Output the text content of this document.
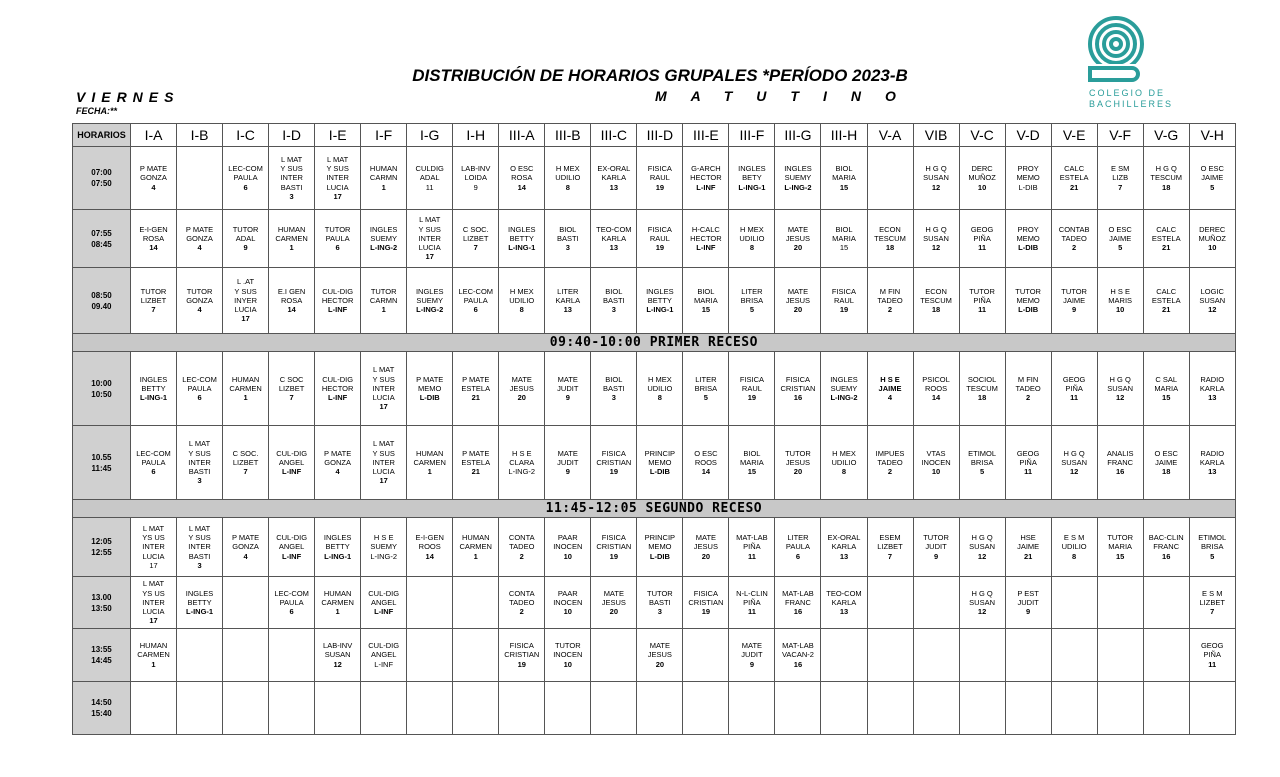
DISTRIBUCIÓN DE HORARIOS GRUPALES *PERÍODO 2023-B
VIERNES	MATUTINO
FECHA:**
COLEGIO DE
BACHILLERES
HORARIOS	I-A	I-B	I-C	I-D	I-E	I-F	I-G	I-H	III-A	III-B	III-C	III-D	III-E	III-F	III-G	III-H	V-A	VIB	V-C	V-D	V-E	V-F	V-G	V-H

07:00
07:50	P MATE
GONZA
4		LEC-COM
PAULA
6	L MAT
Y SUS
INTER
BASTI
3	L MAT
Y SUS
INTER
LUCIA
17	HUMAN
CARMN
1	CULDIG
ADAL
11	LAB-INV
LOIDA
9	O ESC
ROSA
14	H MEX
UDILIO
8	EX-ORAL
KARLA
13	FISICA
RAUL
19	G-ARCH
HECTOR
L-INF	INGLES
BETY
L-ING-1	INGLES
SUEMY
L-ING-2	BIOL
MARIA
15		H G Q
SUSAN
12	DERC
MUÑOZ
10	PROY
MEMO
L-DIB	CALC
ESTELA
21	E SM
LIZB
7	H G Q
TESCUM
18	O ESC
JAIME
5

07:55
08:45	E-I-GEN
ROSA
14	P MATE
GONZA
4	TUTOR
ADAL
9	HUMAN
CARMEN
1	TUTOR
PAULA
6	INGLES
SUEMY
L-ING-2	L MAT
Y SUS
INTER
LUCIA
17	C SOC.
LIZBET
7	INGLES
BETTY
L-ING-1	BIOL
BASTI
3	TEO-COM
KARLA
13	FISICA
RAUL
19	H-CALC
HECTOR
L-INF	H MEX
UDILIO
8	MATE
JESUS
20	BIOL
MARIA
15	ECON
TESCUM
18	H G Q
SUSAN
12	GEOG
PIÑA
11	PROY
MEMO
L-DIB	CONTAB
TADEO
2	O ESC
JAIME
5	CALC
ESTELA
21	DEREC
MUÑOZ
10

08:50
09.40	TUTOR
LIZBET
7	TUTOR
GONZA
4	L .AT
Y SUS
INYER
LUCIA
17	E.I GEN
ROSA
14	CUL-DIG
HECTOR
L-INF	TUTOR
CARMN
1	INGLES
SUEMY
L-ING-2	LEC-COM
PAULA
6	H MEX
UDILIO
8	LITER
KARLA
13	BIOL
BASTI
3	INGLES
BETTY
L-ING-1	BIOL
MARIA
15	LITER
BRISA
5	MATE
JESUS
20	FISICA
RAUL
19	M FIN
TADEO
2	ECON
TESCUM
18	TUTOR
PIÑA
11	TUTOR
MEMO
L-DIB	TUTOR
JAIME
9	H S E
MARIS
10	CALC
ESTELA
21	LOGIC
SUSAN
12

09:40-10:00 PRIMER RECESO																								

10:00
10:50	INGLES
BETTY
L-ING-1	LEC-COM
PAULA
6	HUMAN
CARMEN
1	C SOC
LIZBET
7	CUL-DIG
HECTOR
L-INF	L MAT
Y SUS
INTER
LUCIA
17	P MATE
MEMO
L-DIB	P MATE
ESTELA
21	MATE
JESUS
20	MATE
JUDIT
9	BIOL
BASTI
3	H MEX
UDILIO
8	LITER
BRISA
5	FISICA
RAUL
19	FISICA
CRISTIAN
16	INGLES
SUEMY
L-ING-2	H S E
JAIME
4	PSICOL
ROOS
14	SOCIOL
TESCUM
18	M FIN
TADEO
2	GEOG
PIÑA
11	H G Q
SUSAN
12	C SAL
MARIA
15	RADIO
KARLA
13

10.55
11:45	LEC-COM
PAULA
6	L MAT
Y SUS
INTER
BASTI
3	C SOC.
LIZBET
7	CUL-DIG
ANGEL
L-INF	P MATE
GONZA
4	L MAT
Y SUS
INTER
LUCIA
17	HUMAN
CARMEN
1	P MATE
ESTELA
21	H S E
CLARA
L-ING-2	MATE
JUDIT
9	FISICA
CRISTIAN
19	PRINCIP
MEMO
L-DIB	O ESC
ROOS
14	BIOL
MARIA
15	TUTOR
JESUS
20	H MEX
UDILIO
8	IMPUES
TADEO
2	VTAS
INOCEN
10	ETIMOL
BRISA
5	GEOG
PIÑA
11	H G Q
SUSAN
12	ANALIS
FRANC
16	O ESC
JAIME
18	RADIO
KARLA
13

11:45-12:05 SEGUNDO RECESO																								

12:05
12:55	L MAT
YS US
INTER
LUCIA
17	L MAT
Y SUS
INTER
BASTI
3	P MATE
GONZA
4	CUL-DIG
ANGEL
L-INF	INGLES
BETTY
L-ING-1	H S E
SUEMY
L-ING-2	E-I-GEN
ROOS
14	HUMAN
CARMEN
1	CONTA
TADEO
2	PAAR
INOCEN
10	FISICA
CRISTIAN
19	PRINCIP
MEMO
L-DIB	MATE
JESUS
20	MAT-LAB
PIÑA
11	LITER
PAULA
6	EX-ORAL
KARLA
13	ESEM
LIZBET
7	TUTOR
JUDIT
9	H G Q
SUSAN
12	HSE
JAIME
21	E S M
UDILIO
8	TUTOR
MARIA
15	BAC-CLIN
FRANC
16	ETIMOL
BRISA
5

13.00
13:50	L MAT
YS US
INTER
LUCIA
17	INGLES
BETTY
L-ING-1		LEC-COM
PAULA
6	HUMAN
CARMEN
1	CUL-DIG
ANGEL
L-INF			CONTA
TADEO
2	PAAR
INOCEN
10	MATE
JESUS
20	TUTOR
BASTI
3	FISICA
CRISTIAN
19	N-L-CLIN
PIÑA
11	MAT-LAB
FRANC
16	TEO-COM
KARLA
13			H G Q
SUSAN
12	P EST
JUDIT
9				E S M
LIZBET
7

13:55
14:45	HUMAN
CARMEN
1				LAB-INV
SUSAN
12	CUL-DIG
ANGEL
L-INF			FISICA
CRISTIAN
19	TUTOR
INOCEN
10		MATE
JESUS
20		MATE
JUDIT
9	MAT-LAB
VACAN-2
16									GEOG
PIÑA
11

14:50
15:40																								
